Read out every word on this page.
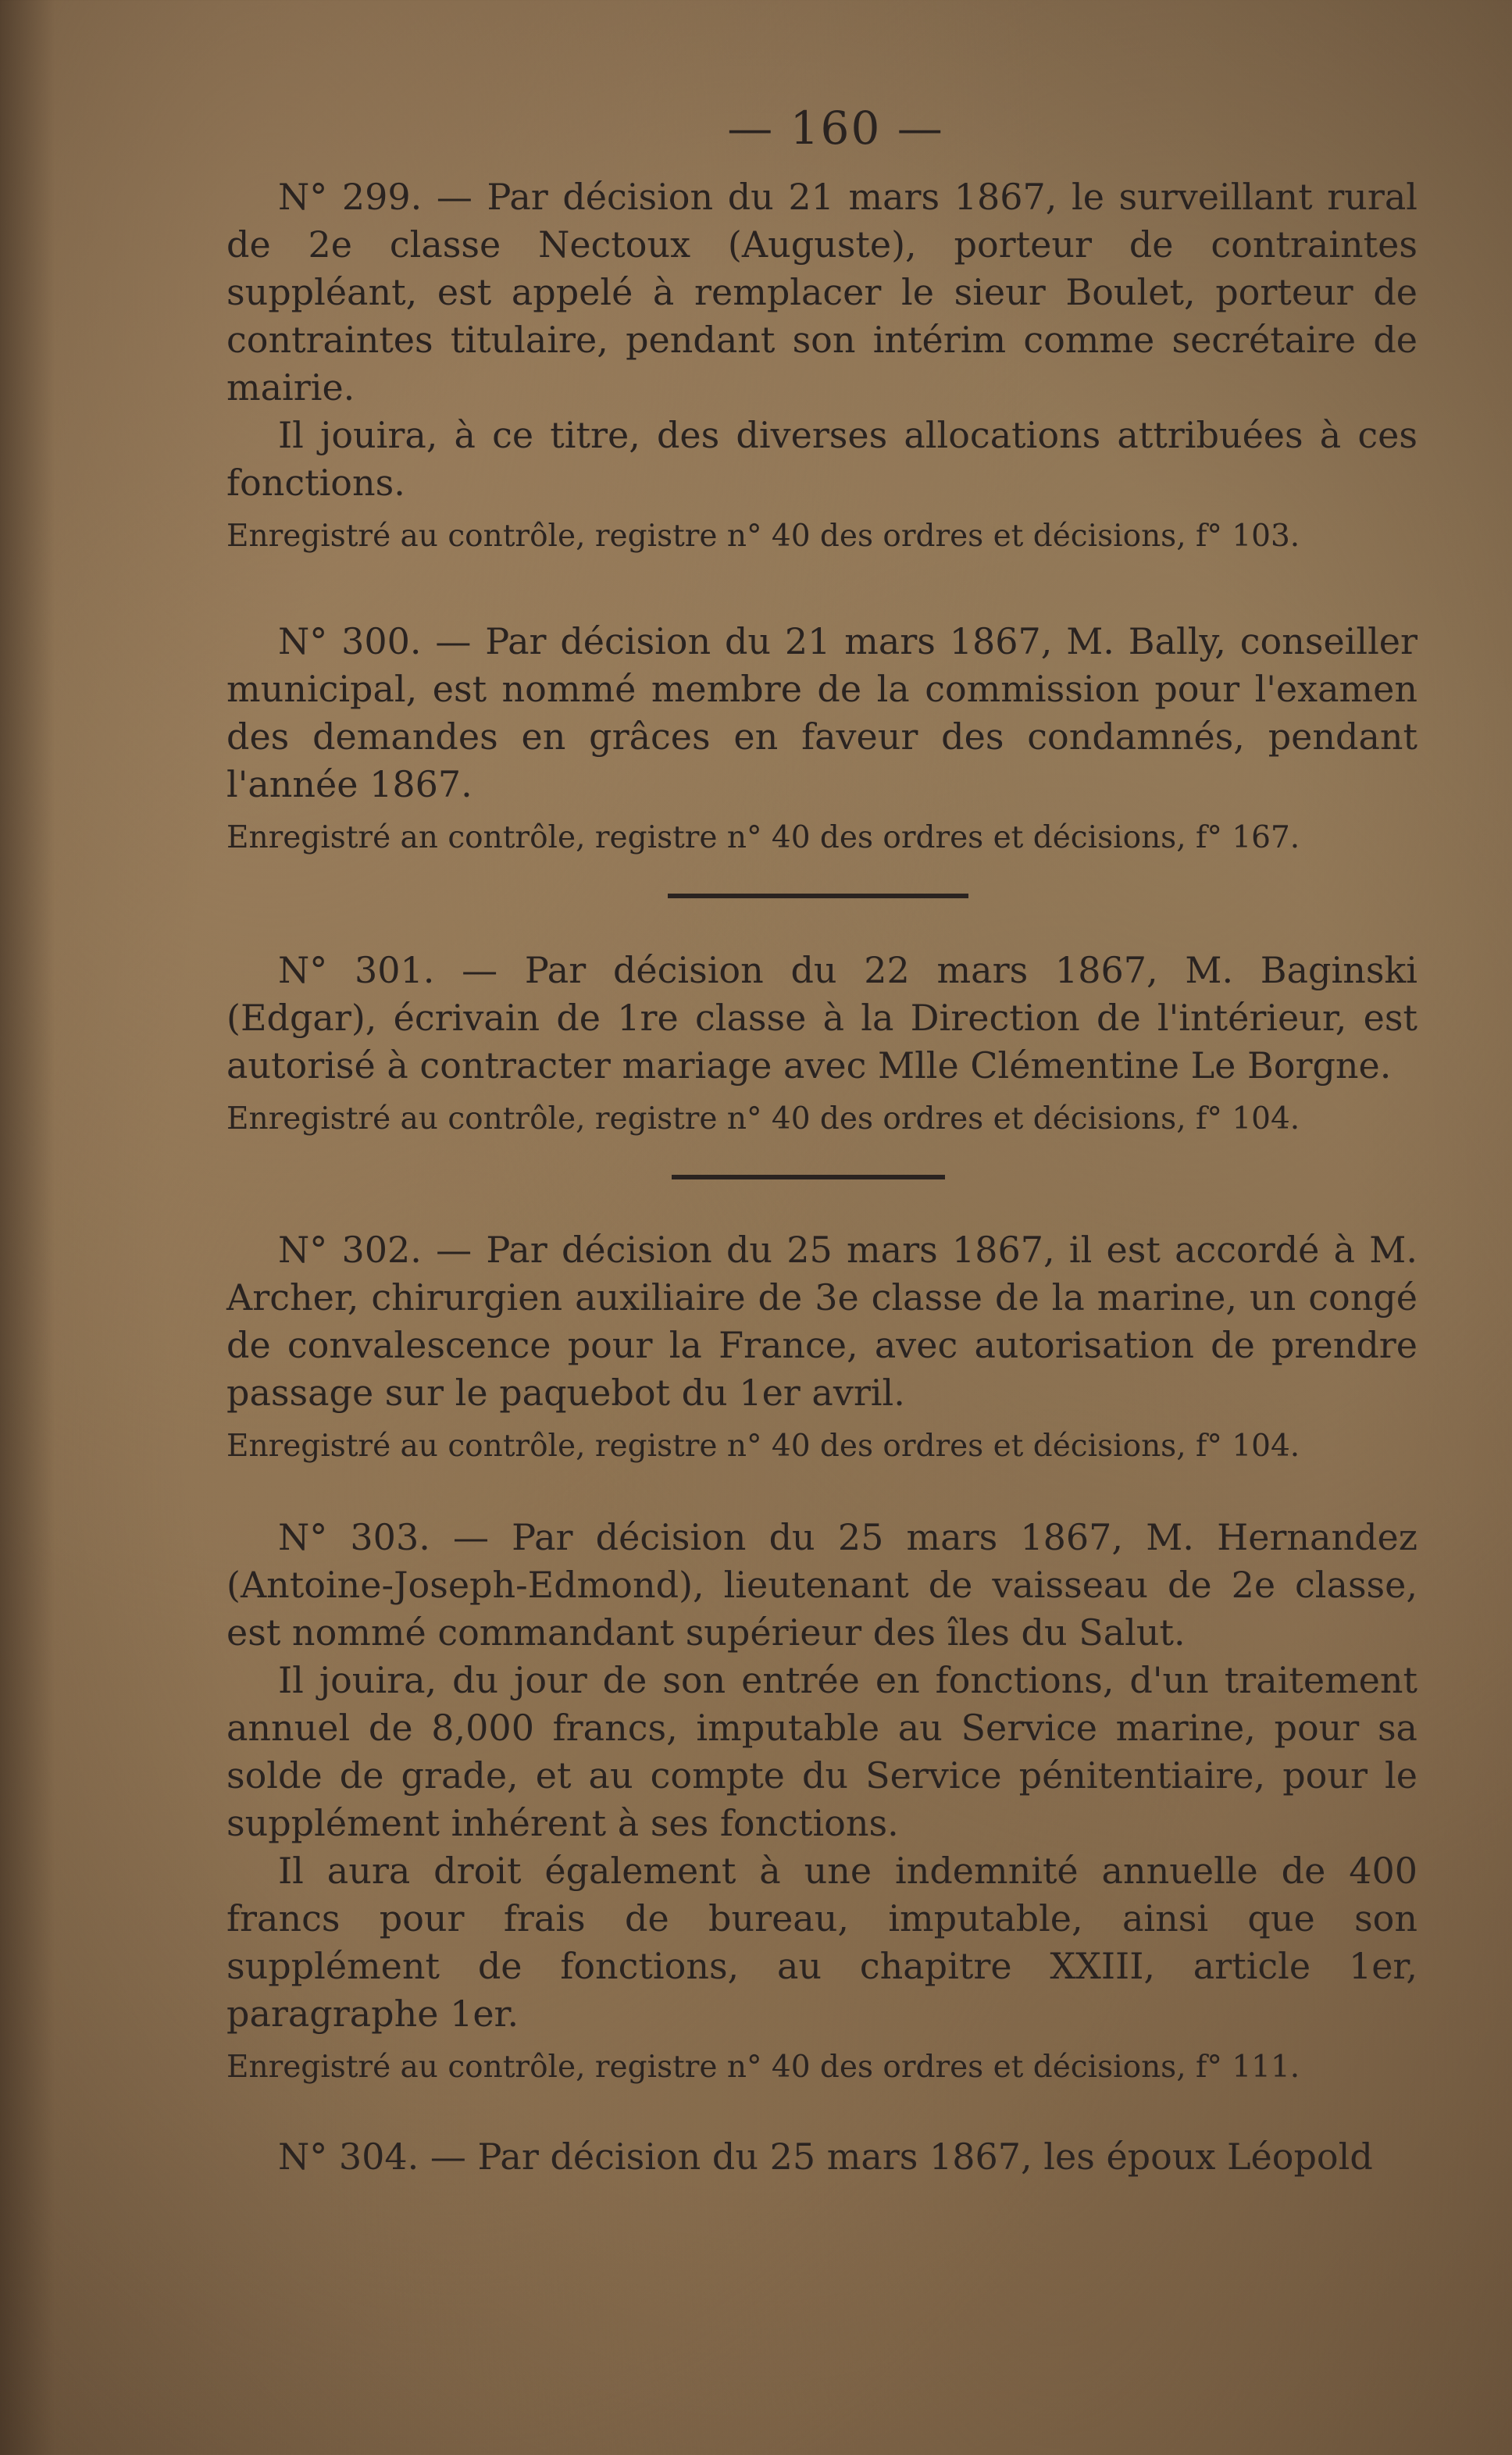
— 160 —

N° 299. — Par décision du 21 mars 1867, le surveillant rural de 2e classe Nectoux (Auguste), porteur de contraintes suppléant, est appelé à remplacer le sieur Boulet, porteur de contraintes titulaire, pendant son intérim comme secrétaire de mairie.

Il jouira, à ce titre, des diverses allocations attribuées à ces fonctions.

Enregistré au contrôle, registre n° 40 des ordres et décisions, f° 103.

N° 300. — Par décision du 21 mars 1867, M. Bally, conseiller municipal, est nommé membre de la commission pour l'examen des demandes en grâces en faveur des condamnés, pendant l'année 1867.

Enregistré an contrôle, registre n° 40 des ordres et décisions, f° 167.

N° 301. — Par décision du 22 mars 1867, M. Baginski (Edgar), écrivain de 1re classe à la Direction de l'intérieur, est autorisé à contracter mariage avec Mlle Clémentine Le Borgne.

Enregistré au contrôle, registre n° 40 des ordres et décisions, f° 104.

N° 302. — Par décision du 25 mars 1867, il est accordé à M. Archer, chirurgien auxiliaire de 3e classe de la marine, un congé de convalescence pour la France, avec autorisation de prendre passage sur le paquebot du 1er avril.

Enregistré au contrôle, registre n° 40 des ordres et décisions, f° 104.

N° 303. — Par décision du 25 mars 1867, M. Hernandez (Antoine-Joseph-Edmond), lieutenant de vaisseau de 2e classe, est nommé commandant supérieur des îles du Salut.

Il jouira, du jour de son entrée en fonctions, d'un traitement annuel de 8,000 francs, imputable au Service marine, pour sa solde de grade, et au compte du Service pénitentiaire, pour le supplément inhérent à ses fonctions.

Il aura droit également à une indemnité annuelle de 400 francs pour frais de bureau, imputable, ainsi que son supplément de fonctions, au chapitre XXIII, article 1er, paragraphe 1er.

Enregistré au contrôle, registre n° 40 des ordres et décisions, f° 111.

N° 304. — Par décision du 25 mars 1867, les époux Léopold
